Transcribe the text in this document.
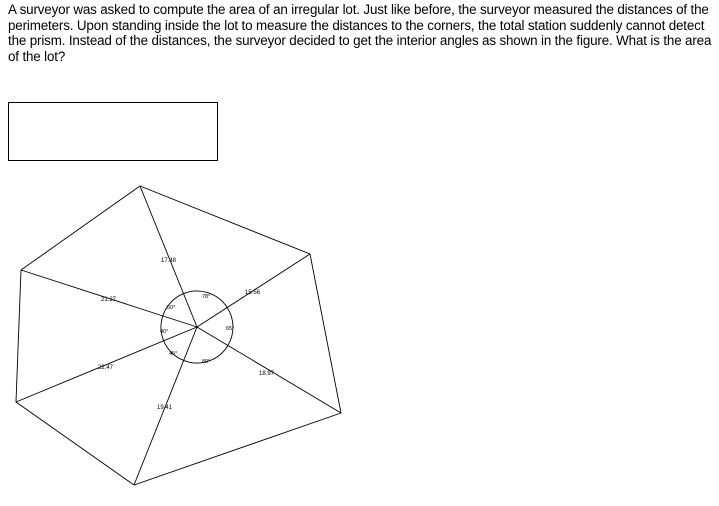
A surveyor was asked to compute the area of an irregular lot. Just like before, the surveyor measured the distances of the perimeters. Upon standing inside the lot to measure the distances to the corners, the total station suddenly cannot detect the prism. Instead of the distances, the surveyor decided to get the interior angles as shown in the figure. What is the area of the lot?

17.48
15.56
18.97
19.41
22.47
21.27	78°
65°
80°
45°
40°
50°
